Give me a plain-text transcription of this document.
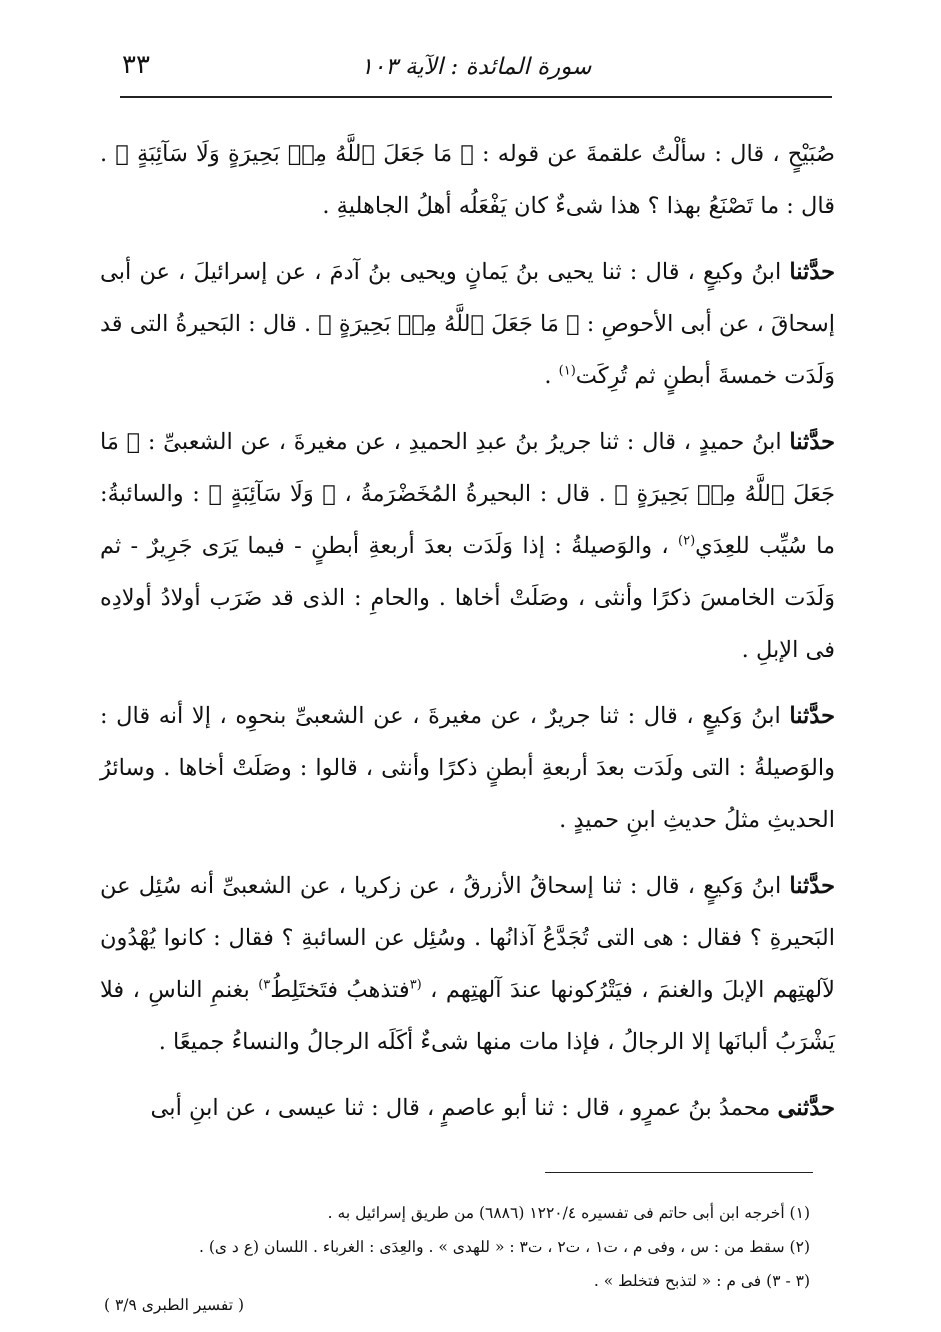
٣٣	سورة المائدة : الآية ١٠٣

صُبَيْحٍ ، قال : سألْتُ علقمةَ عن قوله : ﴿ مَا جَعَلَ ٱللَّهُ مِنۢ بَحِيرَةٍ وَلَا سَآئِبَةٍ ﴾ . قال : ما تَصْنَعُ بهذا ؟ هذا شىءٌ كان يَفْعَلُه أهلُ الجاهليةِ .

حدَّثنا ابنُ وكيعٍ ، قال : ثنا يحيى بنُ يَمانٍ ويحيى بنُ آدمَ ، عن إسرائيلَ ، عن أبى إسحاقَ ، عن أبى الأحوصِ : ﴿ مَا جَعَلَ ٱللَّهُ مِنۢ بَحِيرَةٍ ﴾ . قال : البَحيرةُ التى قد وَلَدَت خمسةَ أبطنٍ ثم تُرِكَت$^{(١)}$ .

حدَّثنا ابنُ حميدٍ ، قال : ثنا جريرُ بنُ عبدِ الحميدِ ، عن مغيرةَ ، عن الشعبىِّ : ﴿ مَا جَعَلَ ٱللَّهُ مِنۢ بَحِيرَةٍ ﴾ . قال : البحيرةُ المُخَضْرَمةُ ، ﴿ وَلَا سَآئِبَةٍ ﴾ : والسائبةُ: ما سُيِّب للعِدَي$^{(٢)}$ ، والوَصيلةُ : إذا وَلَدَت بعدَ أربعةِ أبطنٍ - فيما يَرَى جَرِيرٌ - ثم وَلَدَت الخامسَ ذكرًا وأنثى ، وصَلَتْ أخاها . والحامِ : الذى قد ضَرَب أولادُ أولادِه فى الإبلِ .

حدَّثنا ابنُ وَكيعٍ ، قال : ثنا جريرٌ ، عن مغيرةَ ، عن الشعبىِّ بنحوِه ، إلا أنه قال : والوَصيلةُ : التى ولَدَت بعدَ أربعةِ أبطنٍ ذكرًا وأنثى ، قالوا : وصَلَتْ أخاها . وسائرُ الحديثِ مثلُ حديثِ ابنِ حميدٍ .

حدَّثنا ابنُ وَكيعٍ ، قال : ثنا إسحاقُ الأزرقُ ، عن زكريا ، عن الشعبىِّ أنه سُئِل عن البَحيرةِ ؟ فقال : هى التى تُجَدَّعُ آذانُها . وسُئِل عن السائبةِ ؟ فقال : كانوا يُهْدُون لآلهتِهم الإبلَ والغنمَ ، فيَتْرُكونها عندَ آلهتِهم ، $^{(٣}$فتذهبُ فتَختَلِطُ$^{٣)}$ بغنمِ الناسِ ، فلا يَشْرَبُ ألبانَها إلا الرجالُ ، فإذا مات منها شىءٌ أكَلَه الرجالُ والنساءُ جميعًا .

حدَّثنى محمدُ بنُ عمرٍو ، قال : ثنا أبو عاصمٍ ، قال : ثنا عيسى ، عن ابنِ أبى

(١) أخرجه ابن أبى حاتم فى تفسيره ١٢٢٠/٤ (٦٨٨٦) من طريق إسرائيل به .

(٢) سقط من : س ، وفى م ، ت١ ، ت٢ ، ت٣ : « للهدى » . والعِدَى : الغرباء . اللسان (ع د ى) .

(٣ - ٣) فى م : « لتذبح فتخلط » .

( تفسير الطبرى ٣/٩ )
